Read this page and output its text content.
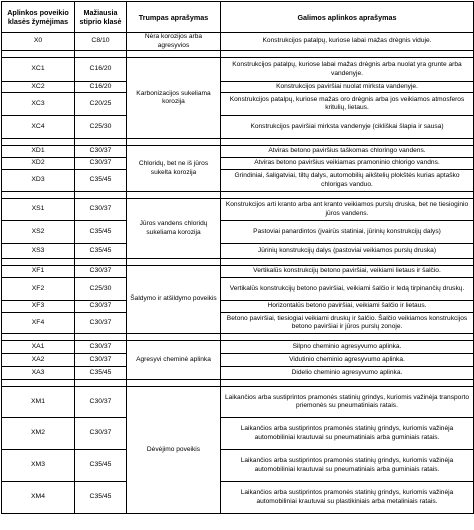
Aplinkos poveikio klasės žymėjimas	Mažiausia stiprio klasė	Trumpas aprašymas	Galimos aplinkos aprašymas
X0	C8/10	Nėra korozijos arba agresyvios	Konstrukcijos patalpų, kuriose labai mažas drėgnis viduje.

XC1	C16/20	Karbonizacijos sukeliama korozija	Konstrukcijos patalpų, kuriose labai mažas drėgnis arba nuolat yra grunte arba vandenyje.
XC2	C16/20		Konstrukcijos paviršiai nuolat mirksta vandenyje.
XC3	C20/25		Konstrukcijos patalpų, kuriose mažas oro drėgnis arba jos veikiamos atmosferos kritulių, lietaus.
XC4	C25/30		Konstrukcijos paviršiai mirksta vandenyje (cikliškai šlapia ir sausa)

XD1	C30/37	Chloridų, bet ne iš jūros sukelta korozija	Atviras betono paviršius taškomas chloringo vandens.
XD2	C30/37		Atviras betono paviršius veikiamas pramoninio chlorigo vandns.
XD3	C35/45		Grindiniai, šaligatviai, tiltų dalys, automobilių aikštelių plokštės kurias aptaško chlorigas vanduo.

XS1	C30/37	Jūros vandens chloridų sukeliama korozija	Konstrukcijos arti kranto arba ant kranto veikiamos purslų druska, bet ne tiesioginio jūros vandens.
XS2	C35/45		Pastoviai panardintos (įvairūs statiniai, jūrinių konstrukcijų dalys)
XS3	C35/45		Jūrinių konstrukcijų dalys (pastoviai veikiamos purslų druska)

XF1	C30/37	Šaldymo ir atšildymo poveikis	Vertikalūs konstrukcijų betono paviršiai, veikiami lietaus ir šalčio.
XF2	C25/30		Vertikalūs konstrukcijų betono paviršiai, veikiami šalčio ir ledą tirpinančių druskų.
XF3	C30/37		Horizontalūs betono paviršiai, veikiami šalčio ir lietaus.
XF4	C30/37		Betono paviršiai, tiesiogiai veikiami druskų ir šalčio. Šalčio veikiamos konstrukcijos betono paviršiai ir jūros purslų zonoje.

XA1	C30/37	Agresyvi cheminė aplinka	Silpno cheminio agresyvumo aplinka.
XA2	C30/37		Vidutinio cheminio agresyvumo aplinka.
XA3	C35/45		Didelio cheminio agresyvumo aplinka.

XM1	C30/37	Dėvėjimo poveikis	Laikančios arba sustiprintos pramonės statinių grindys, kuriomis važinėja transporto priemonės su pneumatiniais ratais.
XM2	C30/37		Laikančios arba sustiprintos pramonės statinių grindys, kuriomis važinėja automobiliniai krautuvai su pneumatiniais arba guminiais ratais.
XM3	C35/45		Laikančios arba sustiprintos pramonės statinių grindys, kuriomis važinėja automobiliniai krautuvai su pneumatiniais arba guminiais ratais.
XM4	C35/45		Laikančios arba sustiprintos pramonės statinių grindys, kuriomis važinėja automobiliniai krautuvai su plastikiniais arba metaliniais ratais.
